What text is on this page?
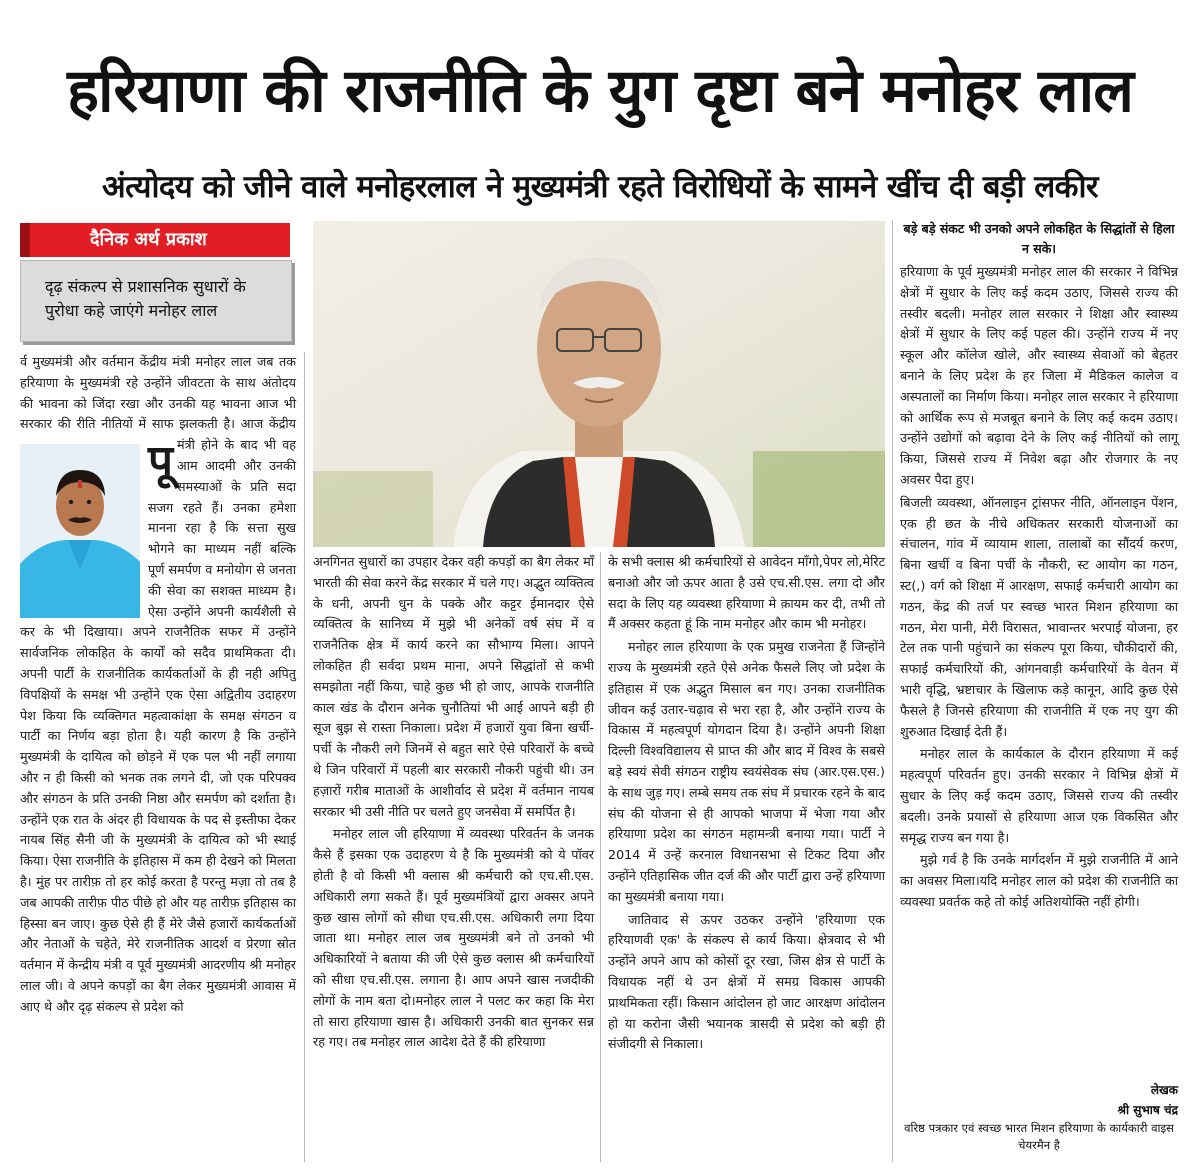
हरियाणा की राजनीति के युग दृष्टा बने मनोहर लाल
अंत्योदय को जीने वाले मनोहरलाल ने मुख्यमंत्री रहते विरोधियों के सामने खींच दी बड़ी लकीर
दैनिक अर्थ प्रकाश
दृढ़ संकल्प से प्रशासनिक सुधारों के पुरोधा कहे जाएंगे मनोहर लाल

पू
र्व मुख्यमंत्री और वर्तमान केंद्रीय मंत्री मनोहर लाल जब तक हरियाणा के मुख्यमंत्री रहे उन्होंने जीवटता के साथ अंतोदय की भावना को जिंदा रखा और उनकी यह भावना आज भी सरकार की रीति नीतियों में साफ झलकती है। आज केंद्रीय मंत्री होने के बाद भी वह आम आदमी और उनकी समस्याओं के प्रति सदा सजग रहते हैं। उनका हमेशा मानना रहा है कि सत्ता सुख भोगने का माध्यम नहीं बल्कि पूर्ण समर्पण व मनोयोग से जनता की सेवा का सशक्त माध्यम है। ऐसा उन्होंने अपनी कार्यशैली से कर के भी दिखाया। अपने राजनैतिक सफर में उन्होंने सार्वजनिक लोकहित के कार्यों को सदैव प्राथमिकता दी। अपनी पार्टी के राजनीतिक कार्यकर्ताओं के ही नही अपितु विपक्षियों के समक्ष भी उन्होंने एक ऐसा अद्वितीय उदाहरण पेश किया कि व्यक्तिगत महत्वाकांक्षा के समक्ष संगठन व पार्टी का निर्णय बड़ा होता है। यही कारण है कि उन्होंने मुख्यमंत्री के दायित्व को छोड़ने में एक पल भी नहीं लगाया और न ही किसी को भनक तक लगने दी, जो एक परिपक्व और संगठन के प्रति उनकी निष्ठा और समर्पण को दर्शाता है। उन्होंने एक रात के अंदर ही विधायक के पद से इस्तीफा देकर नायब सिंह सैनी जी के मुख्यमंत्री के दायित्व को भी स्थाई किया। ऐसा राजनीति के इतिहास में कम ही देखने को मिलता है। मुंह पर तारीफ़ तो हर कोई करता है परन्तु मज़ा तो तब है जब आपकी तारीफ़ पीठ पीछे हो और यह तारीफ़ इतिहास का हिस्सा बन जाए। कुछ ऐसे ही हैं मेरे जैसे हजारों कार्यकर्ताओं और नेताओं के चहेते, मेरे राजनीतिक आदर्श व प्रेरणा स्रोत वर्तमान में केन्द्रीय मंत्री व पूर्व मुख्यमंत्री आदरणीय श्री मनोहर लाल जी। वे अपने कपड़ों का बैग लेकर मुख्यमंत्री आवास में आए थे और दृढ़ संकल्प से प्रदेश को

अनगिनत सुधारों का उपहार देकर वही कपड़ों का बैग लेकर माँ भारती की सेवा करने केंद्र सरकार में चले गए। अद्भुत व्यक्तित्व के धनी, अपनी धुन के पक्के और कट्टर ईमानदार ऐसे व्यक्तित्व के सानिध्य में मुझे भी अनेकों वर्ष संघ में व राजनैतिक क्षेत्र में कार्य करने का सौभाग्य मिला। आपने लोकहित ही सर्वदा प्रथम माना, अपने सिद्धांतों से कभी समझोता नहीं किया, चाहे कुछ भी हो जाए, आपके राजनीति काल खंड के दौरान अनेक चुनौतियां भी आई आपने बड़ी ही सूज बुझ से रास्ता निकाला। प्रदेश में हजारों युवा बिना खर्ची-पर्ची के नौकरी लगे जिनमें से बहुत सारे ऐसे परिवारों के बच्चे थे जिन परिवारों में पहली बार सरकारी नौकरी पहुंची थी। उन हज़ारों गरीब माताओं के आशीर्वाद से प्रदेश में वर्तमान नायब सरकार भी उसी नीति पर चलते हुए जनसेवा में समर्पित है।

मनोहर लाल जी हरियाणा में व्यवस्था परिवर्तन के जनक कैसे हैं इसका एक उदाहरण ये है कि मुख्यमंत्री को ये पॉवर होती है वो किसी भी क्लास श्री कर्मचारी को एच.सी.एस. अधिकारी लगा सकते हैं। पूर्व मुख्यमंत्रियों द्वारा अक्सर अपने कुछ खास लोगों को सीधा एच.सी.एस. अधिकारी लगा दिया जाता था। मनोहर लाल जब मुख्यमंत्री बने तो उनको भी अधिकारियों ने बताया की जी ऐसे कुछ क्लास श्री कर्मचारियों को सीधा एच.सी.एस. लगाना है। आप अपने खास नजदीकी लोगों के नाम बता दो।मनोहर लाल ने पलट कर कहा कि मेरा तो सारा हरियाणा खास है। अधिकारी उनकी बात सुनकर सन्न रह गए। तब मनोहर लाल आदेश देते हैं की हरियाणा

के सभी क्लास श्री कर्मचारियों से आवेदन माँगो,पेपर लो,मेरिट बनाओ और जो ऊपर आता है उसे एच.सी.एस. लगा दो और सदा के लिए यह व्यवस्था हरियाणा मे क़ायम कर दी, तभी तो मैं अक्सर कहता हूं कि नाम मनोहर और काम भी मनोहर।

मनोहर लाल हरियाणा के एक प्रमुख राजनेता हैं जिन्होंने राज्य के मुख्यमंत्री रहते ऐसे अनेक फैसले लिए जो प्रदेश के इतिहास में एक अद्भुत मिसाल बन गए। उनका राजनीतिक जीवन कई उतार-चढ़ाव से भरा रहा है, और उन्होंने राज्य के विकास में महत्वपूर्ण योगदान दिया है। उन्होंने अपनी शिक्षा दिल्ली विश्वविद्यालय से प्राप्त की और बाद में विश्व के सबसे बड़े स्वयं सेवी संगठन राष्ट्रीय स्वयंसेवक संघ (आर.एस.एस.) के साथ जुड़ गए। लम्बे समय तक संघ में प्रचारक रहने के बाद संघ की योजना से ही आपको भाजपा में भेजा गया और हरियाणा प्रदेश का संगठन महामन्त्री बनाया गया। पार्टी ने 2014 में उन्हें करनाल विधानसभा से टिकट दिया और उन्होंने एतिहासिक जीत दर्ज की और पार्टी द्वारा उन्हें हरियाणा का मुख्यमंत्री बनाया गया।

जातिवाद से ऊपर उठकर उन्होंने 'हरियाणा एक हरियाणवी एक' के संकल्प से कार्य किया। क्षेत्रवाद से भी उन्होंने अपने आप को कोसों दूर रखा, जिस क्षेत्र से पार्टी के विधायक नहीं थे उन क्षेत्रों में समग्र विकास आपकी प्राथमिकता रहीं। किसान आंदोलन हो जाट आरक्षण आंदोलन हो या करोना जैसी भयानक त्रासदी से प्रदेश को बड़ी ही संजीदगी से निकाला।

बड़े बड़े संकट भी उनको अपने लोकहित के सिद्धांतों से हिला न सके।

हरियाणा के पूर्व मुख्यमंत्री मनोहर लाल की सरकार ने विभिन्न क्षेत्रों में सुधार के लिए कई कदम उठाए, जिससे राज्य की तस्वीर बदली। मनोहर लाल सरकार ने शिक्षा और स्वास्थ्य क्षेत्रों में सुधार के लिए कई पहल की। उन्होंने राज्य में नए स्कूल और कॉलेज खोले, और स्वास्थ्य सेवाओं को बेहतर बनाने के लिए प्रदेश के हर जिला में मैडिकल कालेज व अस्पतालों का निर्माण किया। मनोहर लाल सरकार ने हरियाणा को आर्थिक रूप से मजबूत बनाने के लिए कई कदम उठाए। उन्होंने उद्योगों को बढ़ावा देने के लिए कई नीतियों को लागू किया, जिससे राज्य में निवेश बढ़ा और रोजगार के नए अवसर पैदा हुए।

बिजली व्यवस्था, ऑनलाइन ट्रांसफर नीति, ऑनलाइन पेंशन, एक ही छत के नीचे अधिकतर सरकारी योजनाओं का संचालन, गांव में व्यायाम शाला, तालाबों का सौंदर्य करण, बिना खर्ची व बिना पर्ची के नौकरी, स्ट आयोग का गठन, स्ट(,) वर्ग को शिक्षा में आरक्षण, सफाई कर्मचारी आयोग का गठन, केंद्र की तर्ज पर स्वच्छ भारत मिशन हरियाणा का गठन, मेरा पानी, मेरी विरासत, भावान्तर भरपाई योजना, हर टेल तक पानी पहुंचाने का संकल्प पूरा किया, चौकीदारों की, सफाई कर्मचारियों की, आंगनवाड़ी कर्मचारियों के वेतन में भारी वृद्धि, भ्रष्टाचार के खिलाफ कड़े कानून, आदि कुछ ऐसे फैसले है जिनसे हरियाणा की राजनीति में एक नए युग की शुरुआत दिखाई देती हैं।

मनोहर लाल के कार्यकाल के दौरान हरियाणा में कई महत्वपूर्ण परिवर्तन हुए। उनकी सरकार ने विभिन्न क्षेत्रों में सुधार के लिए कई कदम उठाए, जिससे राज्य की तस्वीर बदली। उनके प्रयासों से हरियाणा आज एक विकसित और समृद्ध राज्य बन गया है।

मुझे गर्व है कि उनके मार्गदर्शन में मुझे राजनीति में आने का अवसर मिला।यदि मनोहर लाल को प्रदेश की राजनीति का व्यवस्था प्रवर्तक कहे तो कोई अतिशयोक्ति नहीं होगी।

लेखक
श्री सुभाष चंद्र
वरिष्ठ पत्रकार एवं स्वच्छ भारत मिशन हरियाणा के कार्यकारी वाइस चेयरमैन है
